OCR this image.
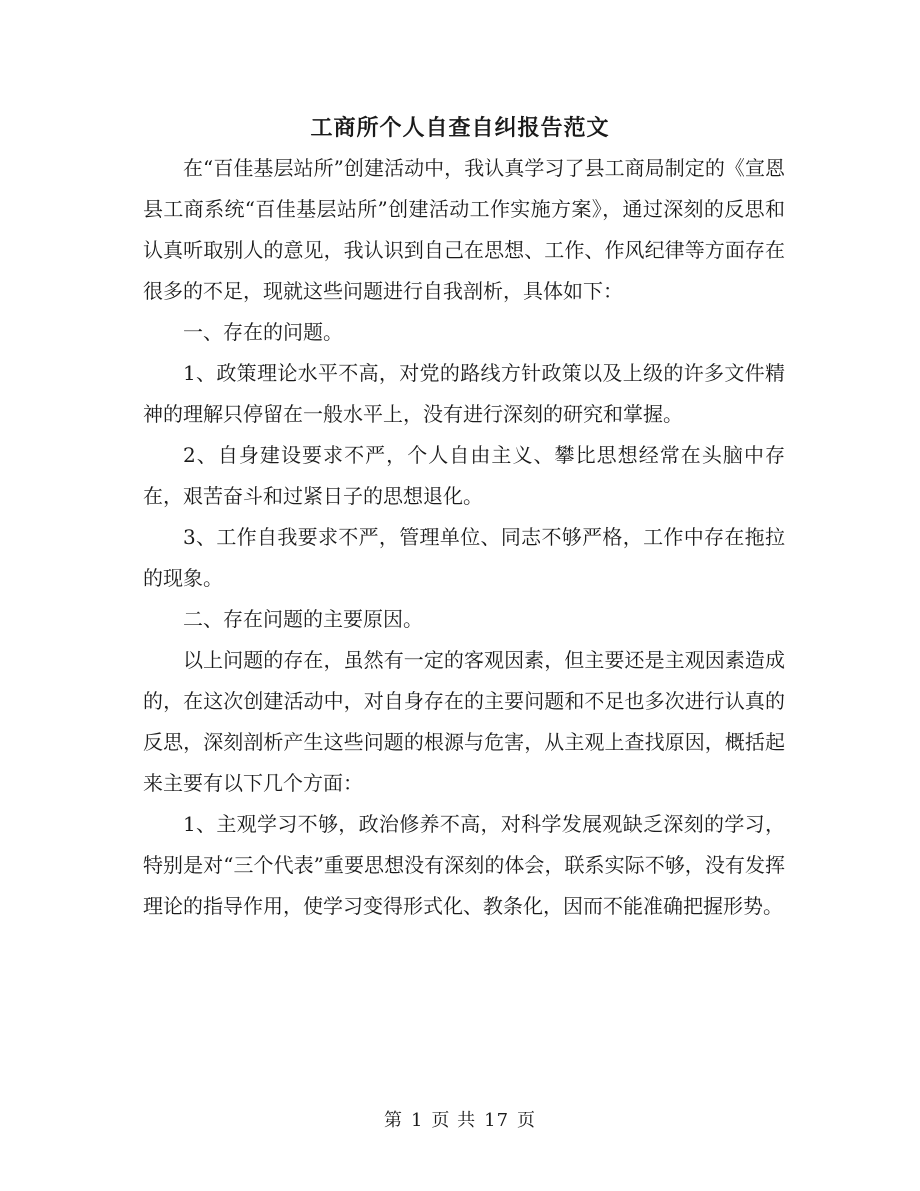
工商所个人自查自纠报告范文

在“百佳基层站所”创建活动中，我认真学习了县工商局制定的《宣恩县工商系统“百佳基层站所”创建活动工作实施方案》，通过深刻的反思和认真听取别人的意见，我认识到自己在思想、工作、作风纪律等方面存在很多的不足，现就这些问题进行自我剖析，具体如下：

一、存在的问题。

1、政策理论水平不高，对党的路线方针政策以及上级的许多文件精神的理解只停留在一般水平上，没有进行深刻的研究和掌握。

2、自身建设要求不严，个人自由主义、攀比思想经常在头脑中存在，艰苦奋斗和过紧日子的思想退化。

3、工作自我要求不严，管理单位、同志不够严格，工作中存在拖拉的现象。

二、存在问题的主要原因。

以上问题的存在，虽然有一定的客观因素，但主要还是主观因素造成的，在这次创建活动中，对自身存在的主要问题和不足也多次进行认真的反思，深刻剖析产生这些问题的根源与危害，从主观上查找原因，概括起来主要有以下几个方面：

1、主观学习不够，政治修养不高，对科学发展观缺乏深刻的学习，特别是对“三个代表”重要思想没有深刻的体会，联系实际不够，没有发挥理论的指导作用，使学习变得形式化、教条化，因而不能准确把握形势。

第 1 页 共 17 页
